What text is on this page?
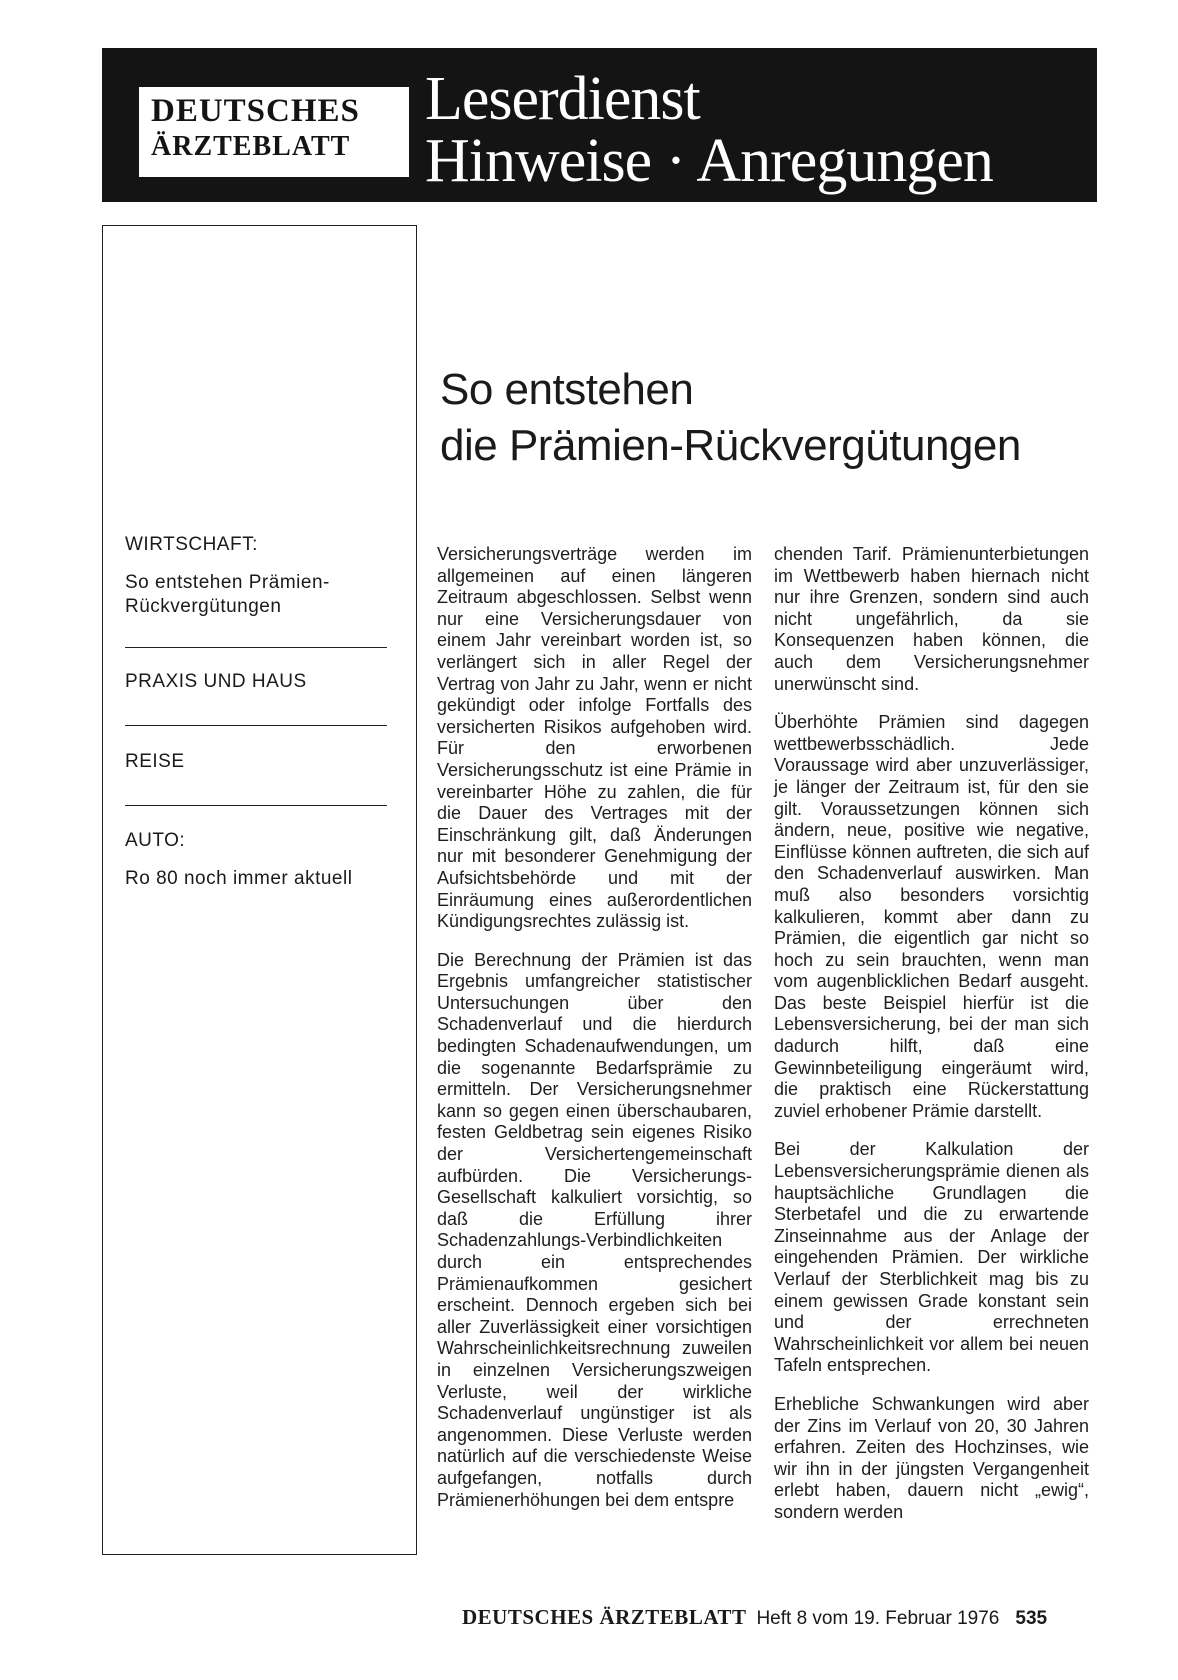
DEUTSCHES
ÄRZTEBLATT
Leserdienst
Hinweise · Anregungen
WIRTSCHAFT:
So entstehen Prämien-Rückvergütungen
PRAXIS UND HAUS
REISE
AUTO:
Ro 80 noch immer aktuell
So entstehen
die Prämien-Rückvergütungen

Versicherungsverträge werden im allgemeinen auf einen längeren Zeitraum abgeschlossen. Selbst wenn nur eine Versicherungsdauer von einem Jahr vereinbart worden ist, so verlängert sich in aller Regel der Vertrag von Jahr zu Jahr, wenn er nicht gekündigt oder infolge Fortfalls des versicherten Risikos aufgehoben wird. Für den erworbenen Versicherungsschutz ist eine Prämie in vereinbarter Höhe zu zahlen, die für die Dauer des Vertrages mit der Einschränkung gilt, daß Änderungen nur mit besonderer Genehmigung der Aufsichtsbehörde und mit der Einräumung eines außerordentlichen Kündigungsrechtes zulässig ist.

Die Berechnung der Prämien ist das Ergebnis umfangreicher statistischer Untersuchungen über den Schadenverlauf und die hierdurch bedingten Schadenaufwendungen, um die sogenannte Bedarfsprämie zu ermitteln. Der Versicherungsnehmer kann so gegen einen überschaubaren, festen Geldbetrag sein eigenes Risiko der Versichertengemeinschaft aufbürden. Die Versicherungs-Gesellschaft kalkuliert vorsichtig, so daß die Erfüllung ihrer Schadenzahlungs-Verbindlichkeiten durch ein entsprechendes Prämienaufkommen gesichert erscheint. Dennoch ergeben sich bei aller Zuverlässigkeit einer vorsichtigen Wahrscheinlichkeitsrechnung zuweilen in einzelnen Versicherungszweigen Verluste, weil der wirkliche Schadenverlauf ungünstiger ist als angenommen. Diese Verluste werden natürlich auf die verschiedenste Weise aufgefangen, notfalls durch Prämienerhöhungen bei dem entspre

chenden Tarif. Prämienunterbietungen im Wettbewerb haben hiernach nicht nur ihre Grenzen, sondern sind auch nicht ungefährlich, da sie Konsequenzen haben können, die auch dem Versicherungsnehmer unerwünscht sind.

Überhöhte Prämien sind dagegen wettbewerbsschädlich. Jede Voraussage wird aber unzuverlässiger, je länger der Zeitraum ist, für den sie gilt. Voraussetzungen können sich ändern, neue, positive wie negative, Einflüsse können auftreten, die sich auf den Schadenverlauf auswirken. Man muß also besonders vorsichtig kalkulieren, kommt aber dann zu Prämien, die eigentlich gar nicht so hoch zu sein brauchten, wenn man vom augenblicklichen Bedarf ausgeht. Das beste Beispiel hierfür ist die Lebensversicherung, bei der man sich dadurch hilft, daß eine Gewinnbeteiligung eingeräumt wird, die praktisch eine Rückerstattung zuviel erhobener Prämie darstellt.

Bei der Kalkulation der Lebensversicherungsprämie dienen als hauptsächliche Grundlagen die Sterbetafel und die zu erwartende Zinseinnahme aus der Anlage der eingehenden Prämien. Der wirkliche Verlauf der Sterblichkeit mag bis zu einem gewissen Grade konstant sein und der errechneten Wahrscheinlichkeit vor allem bei neuen Tafeln entsprechen.

Erhebliche Schwankungen wird aber der Zins im Verlauf von 20, 30 Jahren erfahren. Zeiten des Hochzinses, wie wir ihn in der jüngsten Vergangenheit erlebt haben, dauern nicht „ewig“, sondern werden

DEUTSCHES ÄRZTEBLATT Heft 8 vom 19. Februar 1976 535
